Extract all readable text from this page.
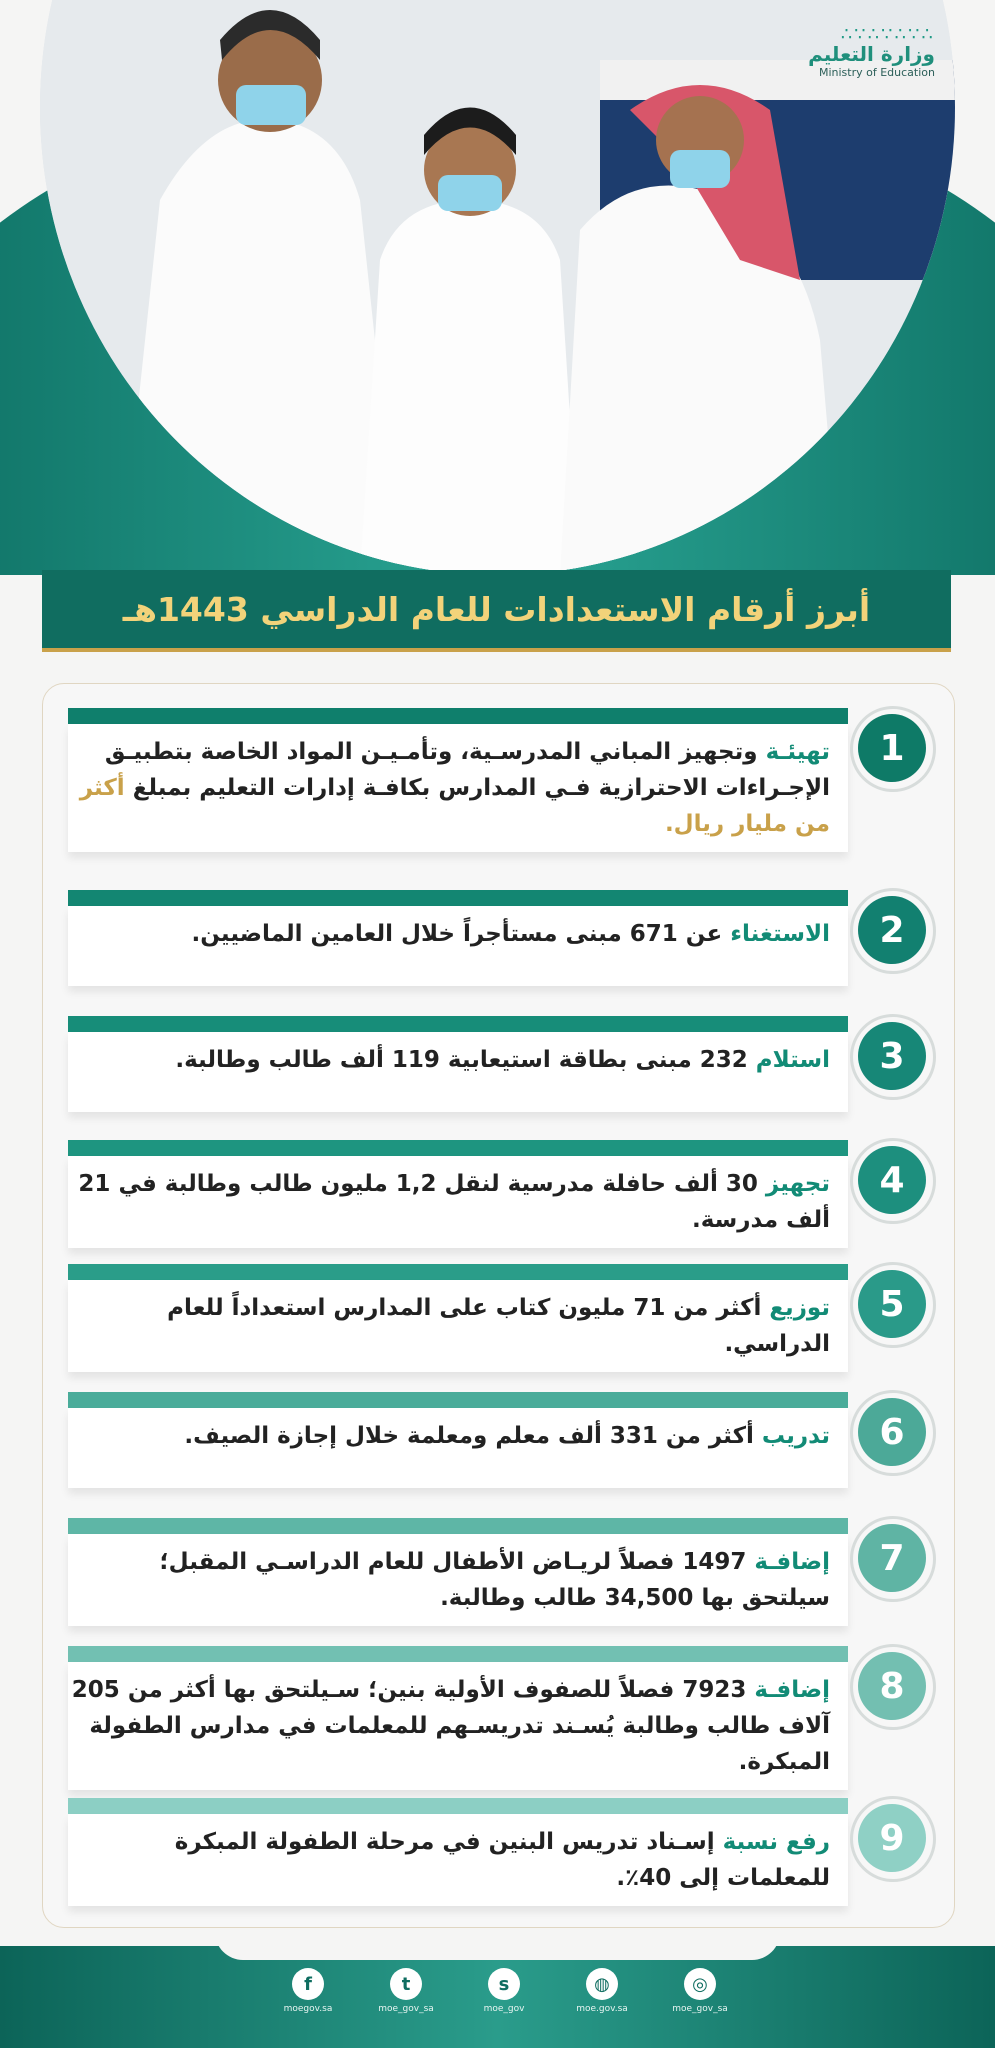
∴∵∴∵∴∵∴
وزارة التعليم
Ministry of Education
أبرز أرقام الاستعدادات للعام الدراسي 1443هـ
تهيئـة وتجهيز المباني المدرسـية، وتأمـيـن المواد الخاصة بتطبيـق الإجـراءات الاحترازية فـي المدارس بكافـة إدارات التعليم بمبلغ أكثر من مليار ريال.
1
الاستغناء عن 671 مبنى مستأجراً خلال العامين الماضيين.	2
استلام 232 مبنى بطاقة استيعابية 119 ألف طالب وطالبة.	3
تجهيز 30 ألف حافلة مدرسية لنقل 1,2 مليون طالب وطالبة في 21 ألف مدرسة.
4
توزيع أكثر من 71 مليون كتاب على المدارس استعداداً للعام الدراسي.
5
تدريب أكثر من 331 ألف معلم ومعلمة خلال إجازة الصيف.	6
إضافـة 1497 فصلاً لريـاض الأطفال للعام الدراسـي المقبل؛ سيلتحق بها 34,500 طالب وطالبة.
7
إضافـة 7923 فصلاً للصفوف الأولية بنين؛ سـيلتحق بها أكثر من 205 آلاف طالب وطالبة يُسـند تدريسـهم للمعلمات في مدارس الطفولة المبكرة.
8
رفع نسبة إسـناد تدريس البنين في مرحلة الطفولة المبكرة للمعلمات إلى 40٪.
9
f
moegov.sa
t
moe_gov_sa
s
moe_gov
◍
moe.gov.sa
◎
moe_gov_sa
